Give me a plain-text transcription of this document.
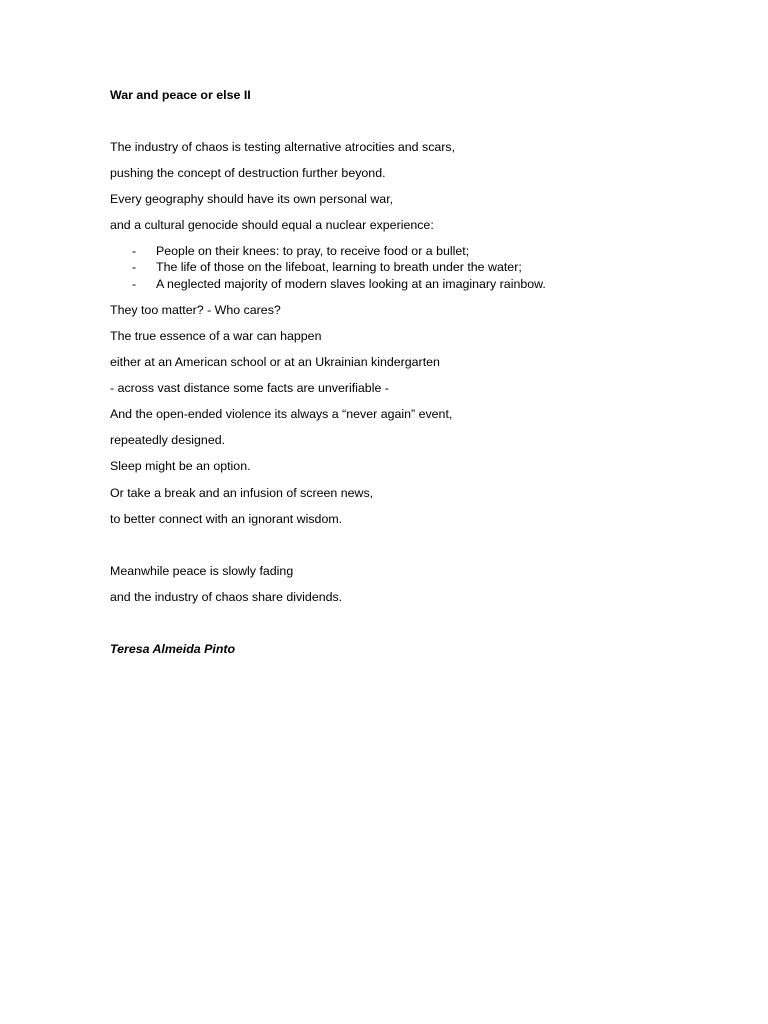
War and peace or else II

The industry of chaos is testing alternative atrocities and scars,

pushing the concept of destruction further beyond.

Every geography should have its own personal war,

and a cultural genocide should equal a nuclear experience:

- People on their knees: to pray, to receive food or a bullet;
- The life of those on the lifeboat, learning to breath under the water;
- A neglected majority of modern slaves looking at an imaginary rainbow.

They too matter? - Who cares?

The true essence of a war can happen

either at an American school or at an Ukrainian kindergarten

- across vast distance some facts are unverifiable -

And the open-ended violence its always a “never again” event,

repeatedly designed.

Sleep might be an option.

Or take a break and an infusion of screen news,

to better connect with an ignorant wisdom.

Meanwhile peace is slowly fading

and the industry of chaos share dividends.

Teresa Almeida Pinto
